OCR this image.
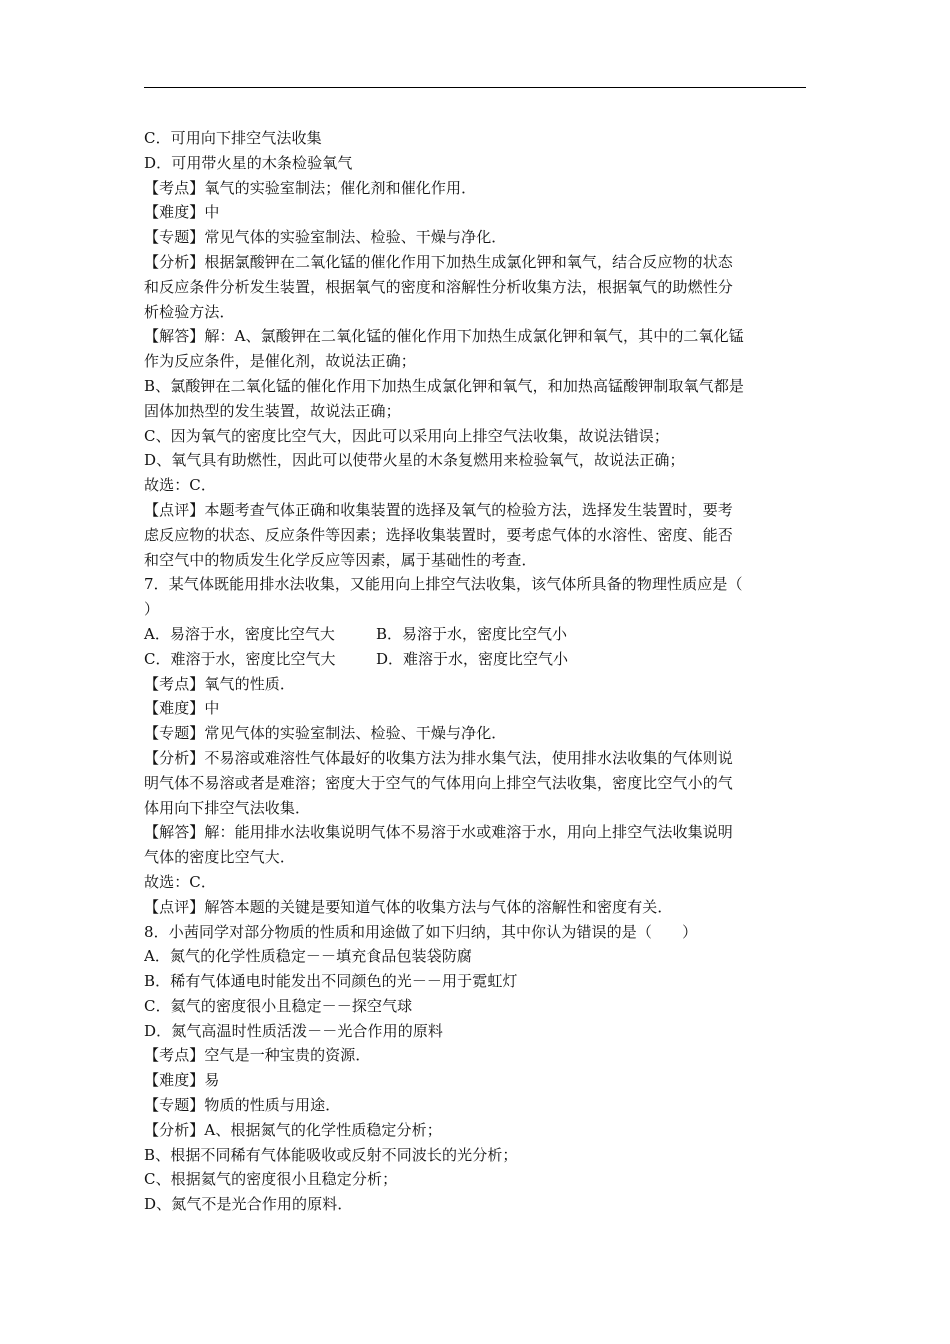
C．可用向下排空气法收集
D．可用带火星的木条检验氧气
【考点】氧气的实验室制法；催化剂和催化作用．
【难度】中
【专题】常见气体的实验室制法、检验、干燥与净化．
【分析】根据氯酸钾在二氧化锰的催化作用下加热生成氯化钾和氧气，结合反应物的状态
和反应条件分析发生装置，根据氧气的密度和溶解性分析收集方法，根据氧气的助燃性分
析检验方法．
【解答】解：A、氯酸钾在二氧化锰的催化作用下加热生成氯化钾和氧气，其中的二氧化锰
作为反应条件，是催化剂，故说法正确；
B、氯酸钾在二氧化锰的催化作用下加热生成氯化钾和氧气，和加热高锰酸钾制取氧气都是
固体加热型的发生装置，故说法正确；
C、因为氧气的密度比空气大，因此可以采用向上排空气法收集，故说法错误；
D、氧气具有助燃性，因此可以使带火星的木条复燃用来检验氧气，故说法正确；
故选：C．
【点评】本题考查气体正确和收集装置的选择及氧气的检验方法，选择发生装置时，要考
虑反应物的状态、反应条件等因素；选择收集装置时，要考虑气体的水溶性、密度、能否
和空气中的物质发生化学反应等因素，属于基础性的考查．
7．某气体既能用排水法收集，又能用向上排空气法收集，该气体所具备的物理性质应是（
）
A．易溶于水，密度比空气大	B．易溶于水，密度比空气小
C．难溶于水，密度比空气大	D．难溶于水，密度比空气小
【考点】氧气的性质．
【难度】中
【专题】常见气体的实验室制法、检验、干燥与净化．
【分析】不易溶或难溶性气体最好的收集方法为排水集气法，使用排水法收集的气体则说
明气体不易溶或者是难溶；密度大于空气的气体用向上排空气法收集，密度比空气小的气
体用向下排空气法收集．
【解答】解：能用排水法收集说明气体不易溶于水或难溶于水，用向上排空气法收集说明
气体的密度比空气大．
故选：C．
【点评】解答本题的关键是要知道气体的收集方法与气体的溶解性和密度有关．
8．小茜同学对部分物质的性质和用途做了如下归纳，其中你认为错误的是（　　）
A．氮气的化学性质稳定－－填充食品包装袋防腐
B．稀有气体通电时能发出不同颜色的光－－用于霓虹灯
C．氦气的密度很小且稳定－－探空气球
D．氮气高温时性质活泼－－光合作用的原料
【考点】空气是一种宝贵的资源．
【难度】易
【专题】物质的性质与用途．
【分析】A、根据氮气的化学性质稳定分析；
B、根据不同稀有气体能吸收或反射不同波长的光分析；
C、根据氦气的密度很小且稳定分析；
D、氮气不是光合作用的原料．
